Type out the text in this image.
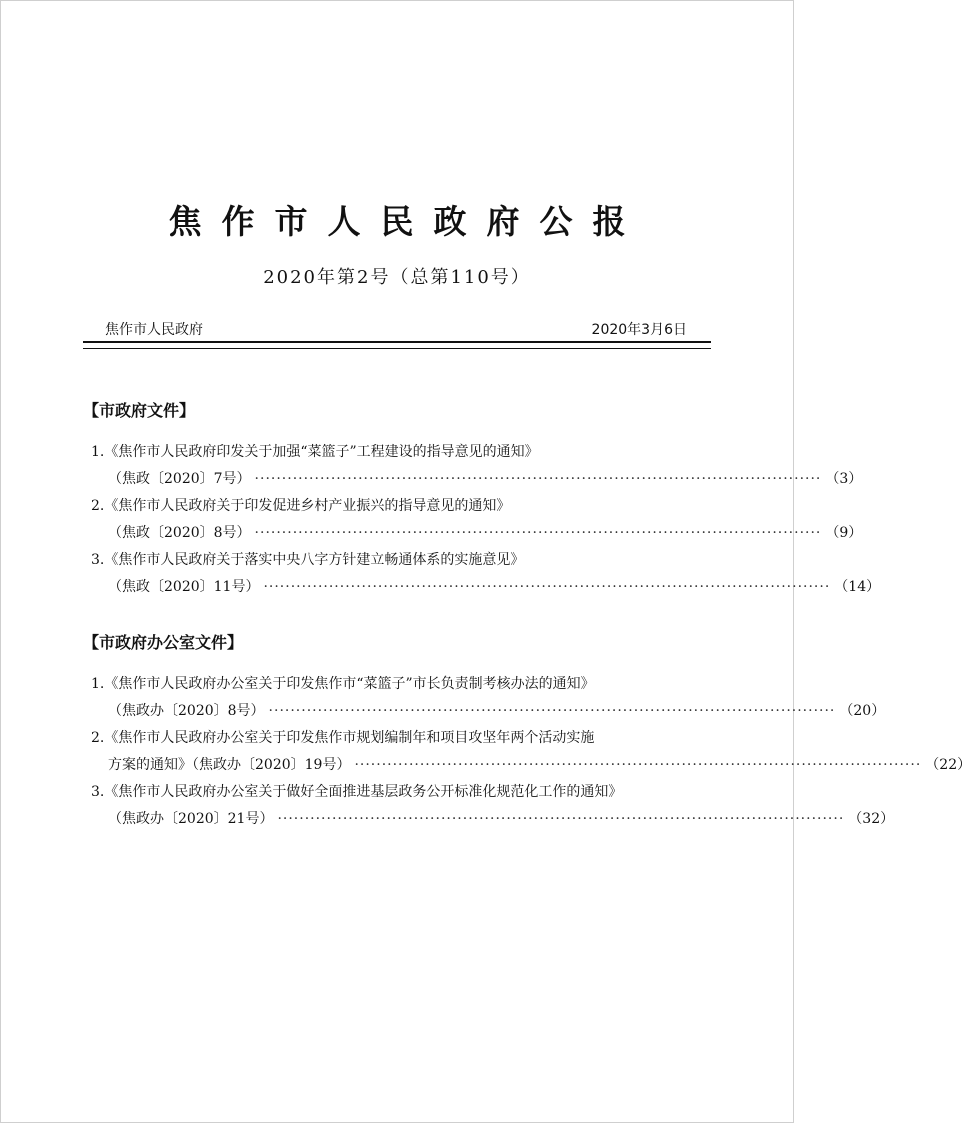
焦作市人民政府公报
2020年第2号（总第110号）
焦作市人民政府	2020年3月6日
【市政府文件】
1.《焦作市人民政府印发关于加强“菜篮子”工程建设的指导意见的通知》
（焦政〔2020〕7号） ········································································································ （3）
2.《焦作市人民政府关于印发促进乡村产业振兴的指导意见的通知》
（焦政〔2020〕8号） ········································································································ （9）
3.《焦作市人民政府关于落实中央八字方针建立畅通体系的实施意见》
（焦政〔2020〕11号） ········································································································ （14）
【市政府办公室文件】
1.《焦作市人民政府办公室关于印发焦作市“菜篮子”市长负责制考核办法的通知》
（焦政办〔2020〕8号） ········································································································ （20）
2.《焦作市人民政府办公室关于印发焦作市规划编制年和项目攻坚年两个活动实施
方案的通知》（焦政办〔2020〕19号） ········································································································ （22）
3.《焦作市人民政府办公室关于做好全面推进基层政务公开标准化规范化工作的通知》
（焦政办〔2020〕21号） ········································································································ （32）
